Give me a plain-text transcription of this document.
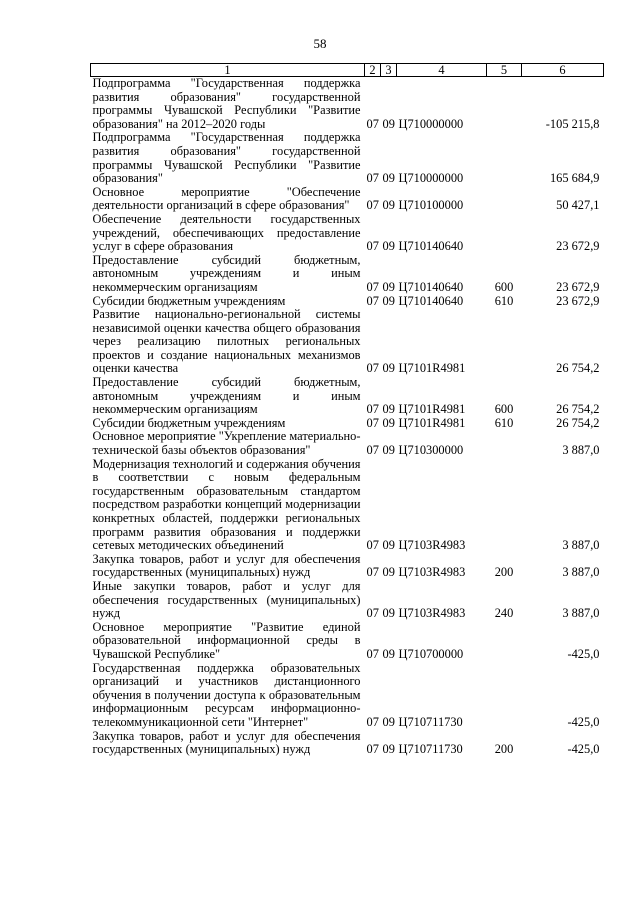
58
1	2	3	4	5	6
Подпрограмма "Государственная поддержка развития образования" государственной программы Чувашской Республики "Развитие образования" на 2012–2020 годы	07	09	Ц710000000		-105 215,8
Подпрограмма "Государственная поддержка развития образования" государственной программы Чувашской Республики "Развитие образования"	07	09	Ц710000000		165 684,9
Основное мероприятие "Обеспечение деятельности организаций в сфере образования"	07	09	Ц710100000		50 427,1
Обеспечение деятельности государственных учреждений, обеспечивающих предоставление услуг в сфере образования	07	09	Ц710140640		23 672,9
Предоставление субсидий бюджетным, автономным учреждениям и иным некоммерческим организациям	07	09	Ц710140640	600	23 672,9
Субсидии бюджетным учреждениям	07	09	Ц710140640	610	23 672,9
Развитие национально-региональной системы независимой оценки качества общего образования через реализацию пилотных региональных проектов и создание национальных механизмов оценки качества	07	09	Ц7101R4981		26 754,2
Предоставление субсидий бюджетным, автономным учреждениям и иным некоммерческим организациям	07	09	Ц7101R4981	600	26 754,2
Субсидии бюджетным учреждениям	07	09	Ц7101R4981	610	26 754,2
Основное мероприятие "Укрепление материально-технической базы объектов образования"	07	09	Ц710300000		3 887,0
Модернизация технологий и содержания обучения в соответствии с новым федеральным государственным образовательным стандартом посредством разработки концепций модернизации конкретных областей, поддержки региональных программ развития образования и поддержки сетевых методических объединений	07	09	Ц7103R4983		3 887,0
Закупка товаров, работ и услуг для обеспечения государственных (муниципальных) нужд	07	09	Ц7103R4983	200	3 887,0
Иные закупки товаров, работ и услуг для обеспечения государственных (муниципальных) нужд	07	09	Ц7103R4983	240	3 887,0
Основное мероприятие "Развитие единой образовательной информационной среды в Чувашской Республике"	07	09	Ц710700000		-425,0
Государственная поддержка образовательных организаций и участников дистанционного обучения в получении доступа к образовательным информационным ресурсам информационно-телекоммуникационной сети "Интернет"	07	09	Ц710711730		-425,0
Закупка товаров, работ и услуг для обеспечения государственных (муниципальных) нужд	07	09	Ц710711730	200	-425,0
